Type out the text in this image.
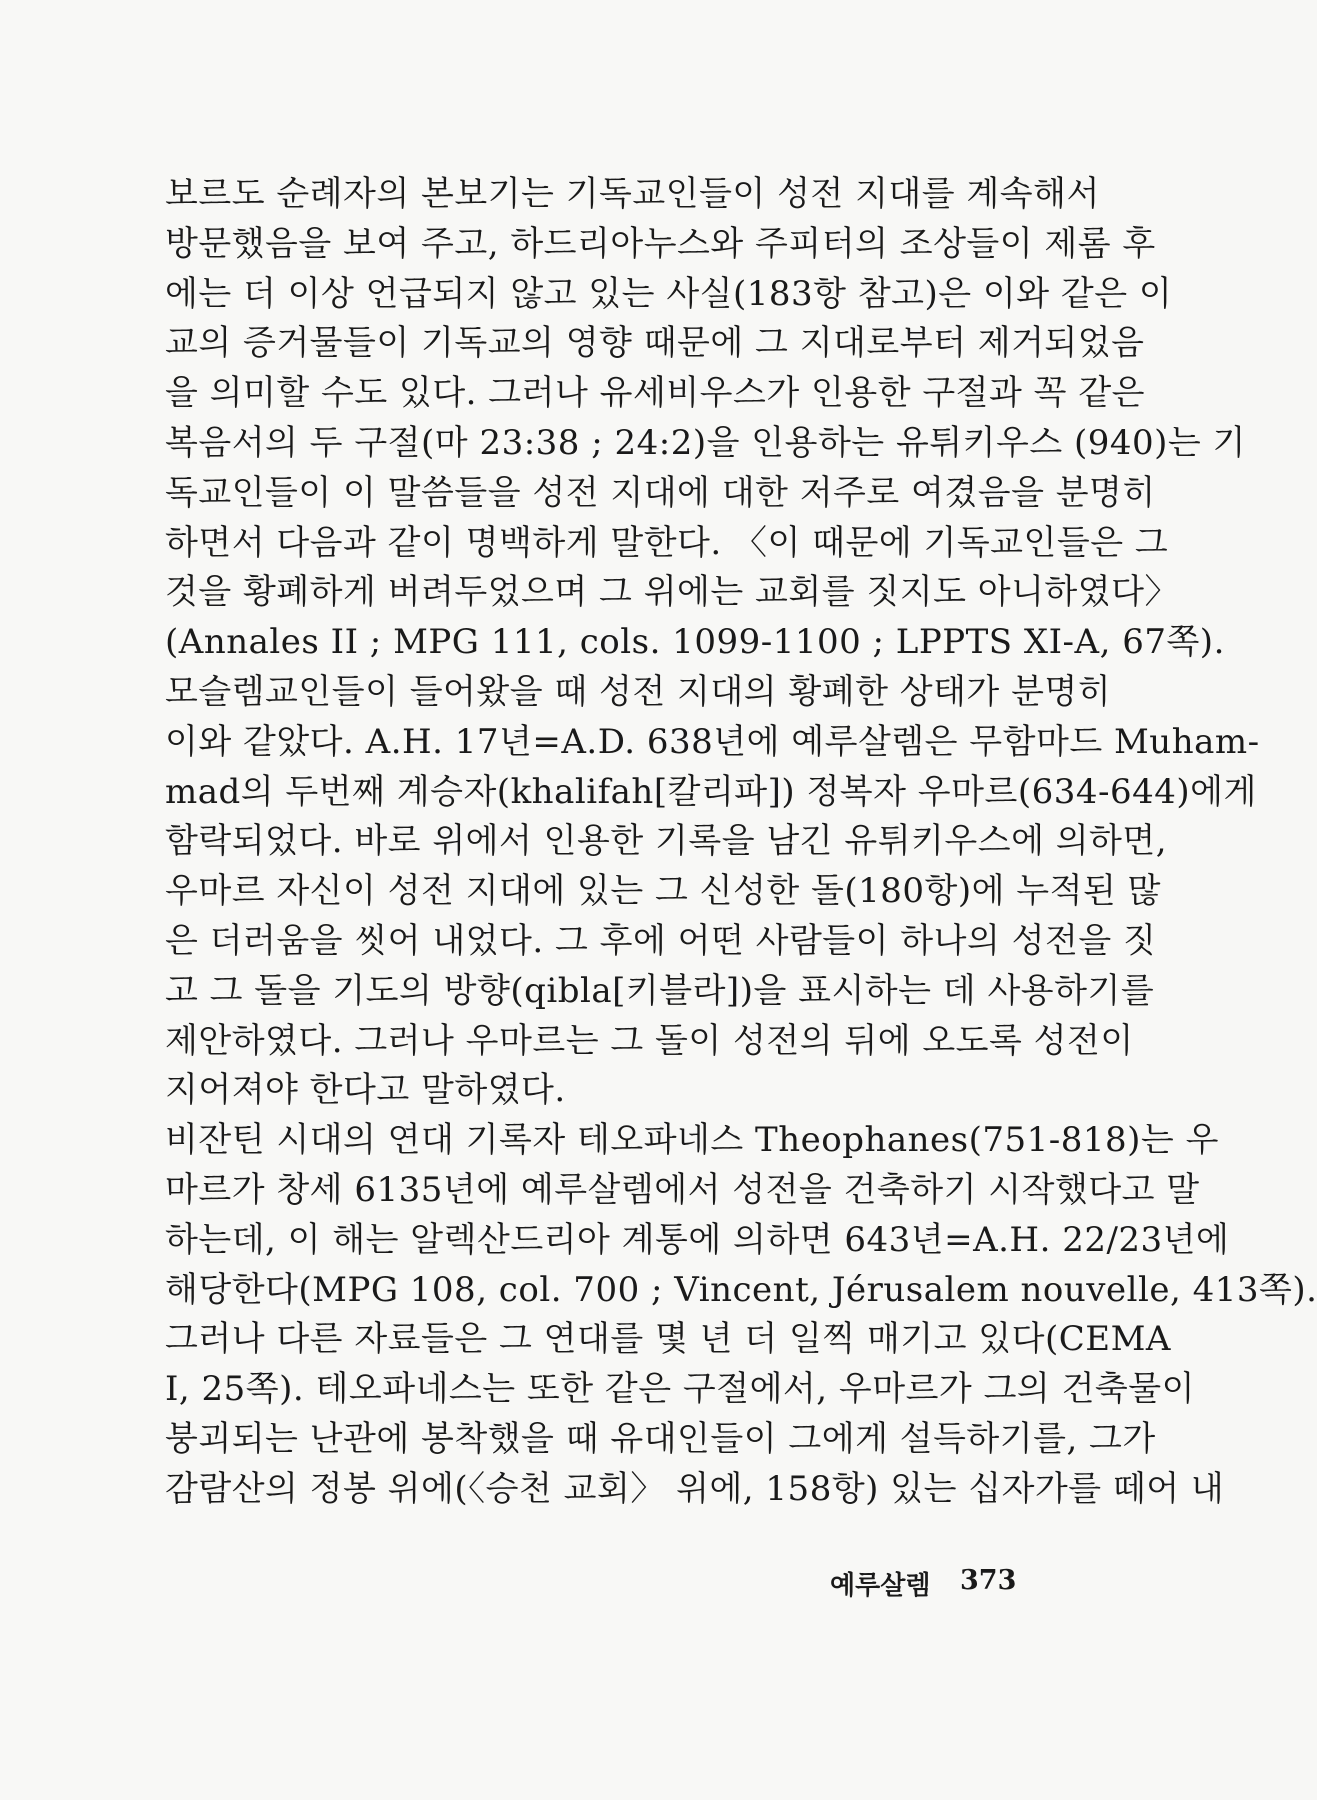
보르도 순례자의 본보기는 기독교인들이 성전 지대를 계속해서
방문했음을 보여 주고, 하드리아누스와 주피터의 조상들이 제롬 후
에는 더 이상 언급되지 않고 있는 사실(183항 참고)은 이와 같은 이
교의 증거물들이 기독교의 영향 때문에 그 지대로부터 제거되었음
을 의미할 수도 있다. 그러나 유세비우스가 인용한 구절과 꼭 같은
복음서의 두 구절(마 23:38 ; 24:2)을 인용하는 유튀키우스 (940)는 기
독교인들이 이 말씀들을 성전 지대에 대한 저주로 여겼음을 분명히
하면서 다음과 같이 명백하게 말한다. 〈이 때문에 기독교인들은 그
것을 황폐하게 버려두었으며 그 위에는 교회를 짓지도 아니하였다〉
(Annales II ; MPG 111, cols. 1099-1100 ; LPPTS XI-A, 67쪽).
모슬렘교인들이 들어왔을 때 성전 지대의 황폐한 상태가 분명히
이와 같았다. A.H. 17년=A.D. 638년에 예루살렘은 무함마드 Muham-
mad의 두번째 계승자(khalifah[칼리파]) 정복자 우마르(634-644)에게
함락되었다. 바로 위에서 인용한 기록을 남긴 유튀키우스에 의하면,
우마르 자신이 성전 지대에 있는 그 신성한 돌(180항)에 누적된 많
은 더러움을 씻어 내었다. 그 후에 어떤 사람들이 하나의 성전을 짓
고 그 돌을 기도의 방향(qibla[키블라])을 표시하는 데 사용하기를
제안하였다. 그러나 우마르는 그 돌이 성전의 뒤에 오도록 성전이
지어져야 한다고 말하였다.
비잔틴 시대의 연대 기록자 테오파네스 Theophanes(751-818)는 우
마르가 창세 6135년에 예루살렘에서 성전을 건축하기 시작했다고 말
하는데, 이 해는 알렉산드리아 계통에 의하면 643년=A.H. 22/23년에
해당한다(MPG 108, col. 700 ; Vincent, Jérusalem nouvelle, 413쪽).
그러나 다른 자료들은 그 연대를 몇 년 더 일찍 매기고 있다(CEMA
I, 25쪽). 테오파네스는 또한 같은 구절에서, 우마르가 그의 건축물이
붕괴되는 난관에 봉착했을 때 유대인들이 그에게 설득하기를, 그가
감람산의 정봉 위에(〈승천 교회〉 위에, 158항) 있는 십자가를 떼어 내
예루살렘 373
